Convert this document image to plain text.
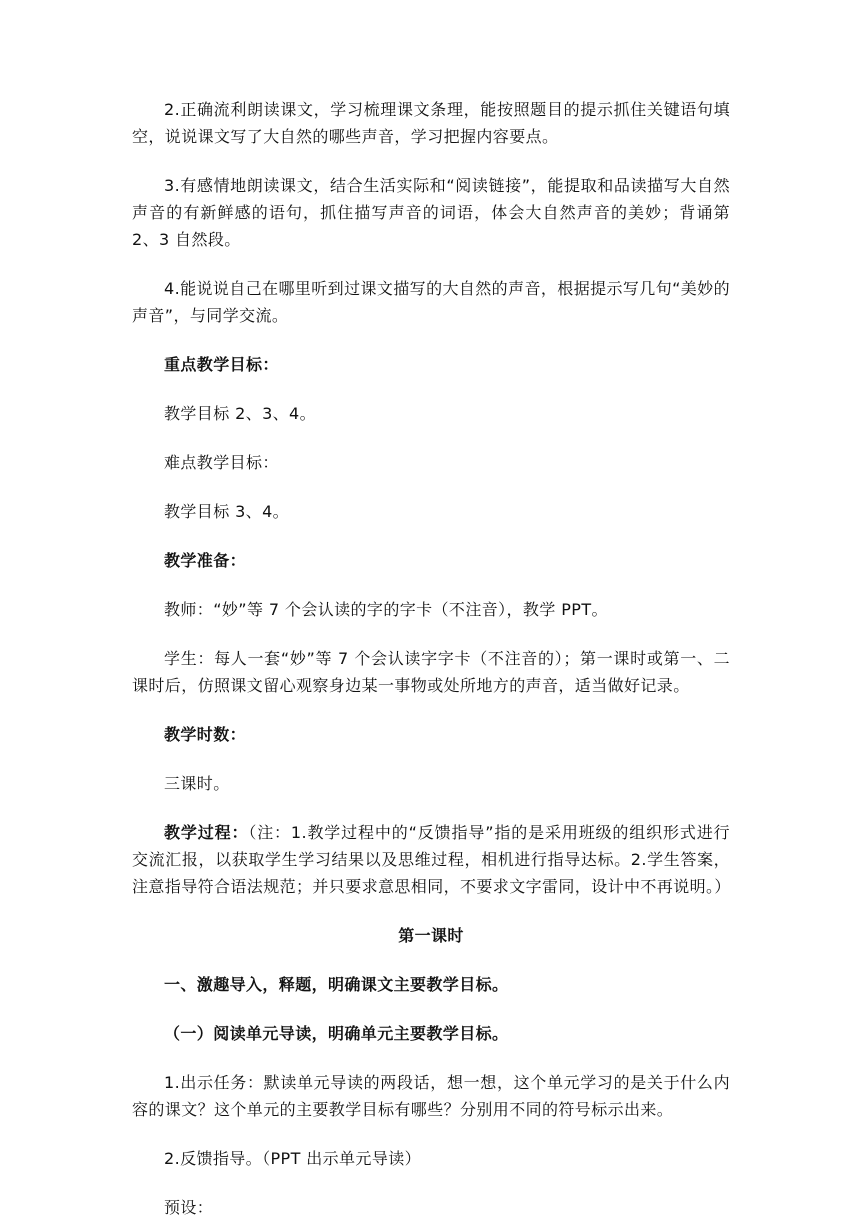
2.正确流利朗读课文，学习梳理课文条理，能按照题目的提示抓住关键语句填空，说说课文写了大自然的哪些声音，学习把握内容要点。

3.有感情地朗读课文，结合生活实际和“阅读链接”，能提取和品读描写大自然声音的有新鲜感的语句，抓住描写声音的词语，体会大自然声音的美妙；背诵第 2、3 自然段。

4.能说说自己在哪里听到过课文描写的大自然的声音，根据提示写几句“美妙的声音”，与同学交流。

重点教学目标：

教学目标 2、3、4。

难点教学目标：

教学目标 3、4。

教学准备：

教师：“妙”等 7 个会认读的字的字卡（不注音），教学 PPT。

学生：每人一套“妙”等 7 个会认读字字卡（不注音的）；第一课时或第一、二课时后，仿照课文留心观察身边某一事物或处所地方的声音，适当做好记录。

教学时数：

三课时。

教学过程：（注：1.教学过程中的“反馈指导”指的是采用班级的组织形式进行交流汇报，以获取学生学习结果以及思维过程，相机进行指导达标。2.学生答案，注意指导符合语法规范；并只要求意思相同，不要求文字雷同，设计中不再说明。）

第一课时

一、激趣导入，释题，明确课文主要教学目标。

（一）阅读单元导读，明确单元主要教学目标。

1.出示任务：默读单元导读的两段话，想一想，这个单元学习的是关于什么内容的课文？这个单元的主要教学目标有哪些？分别用不同的符号标示出来。

2.反馈指导。（PPT 出示单元导读）

预设：
